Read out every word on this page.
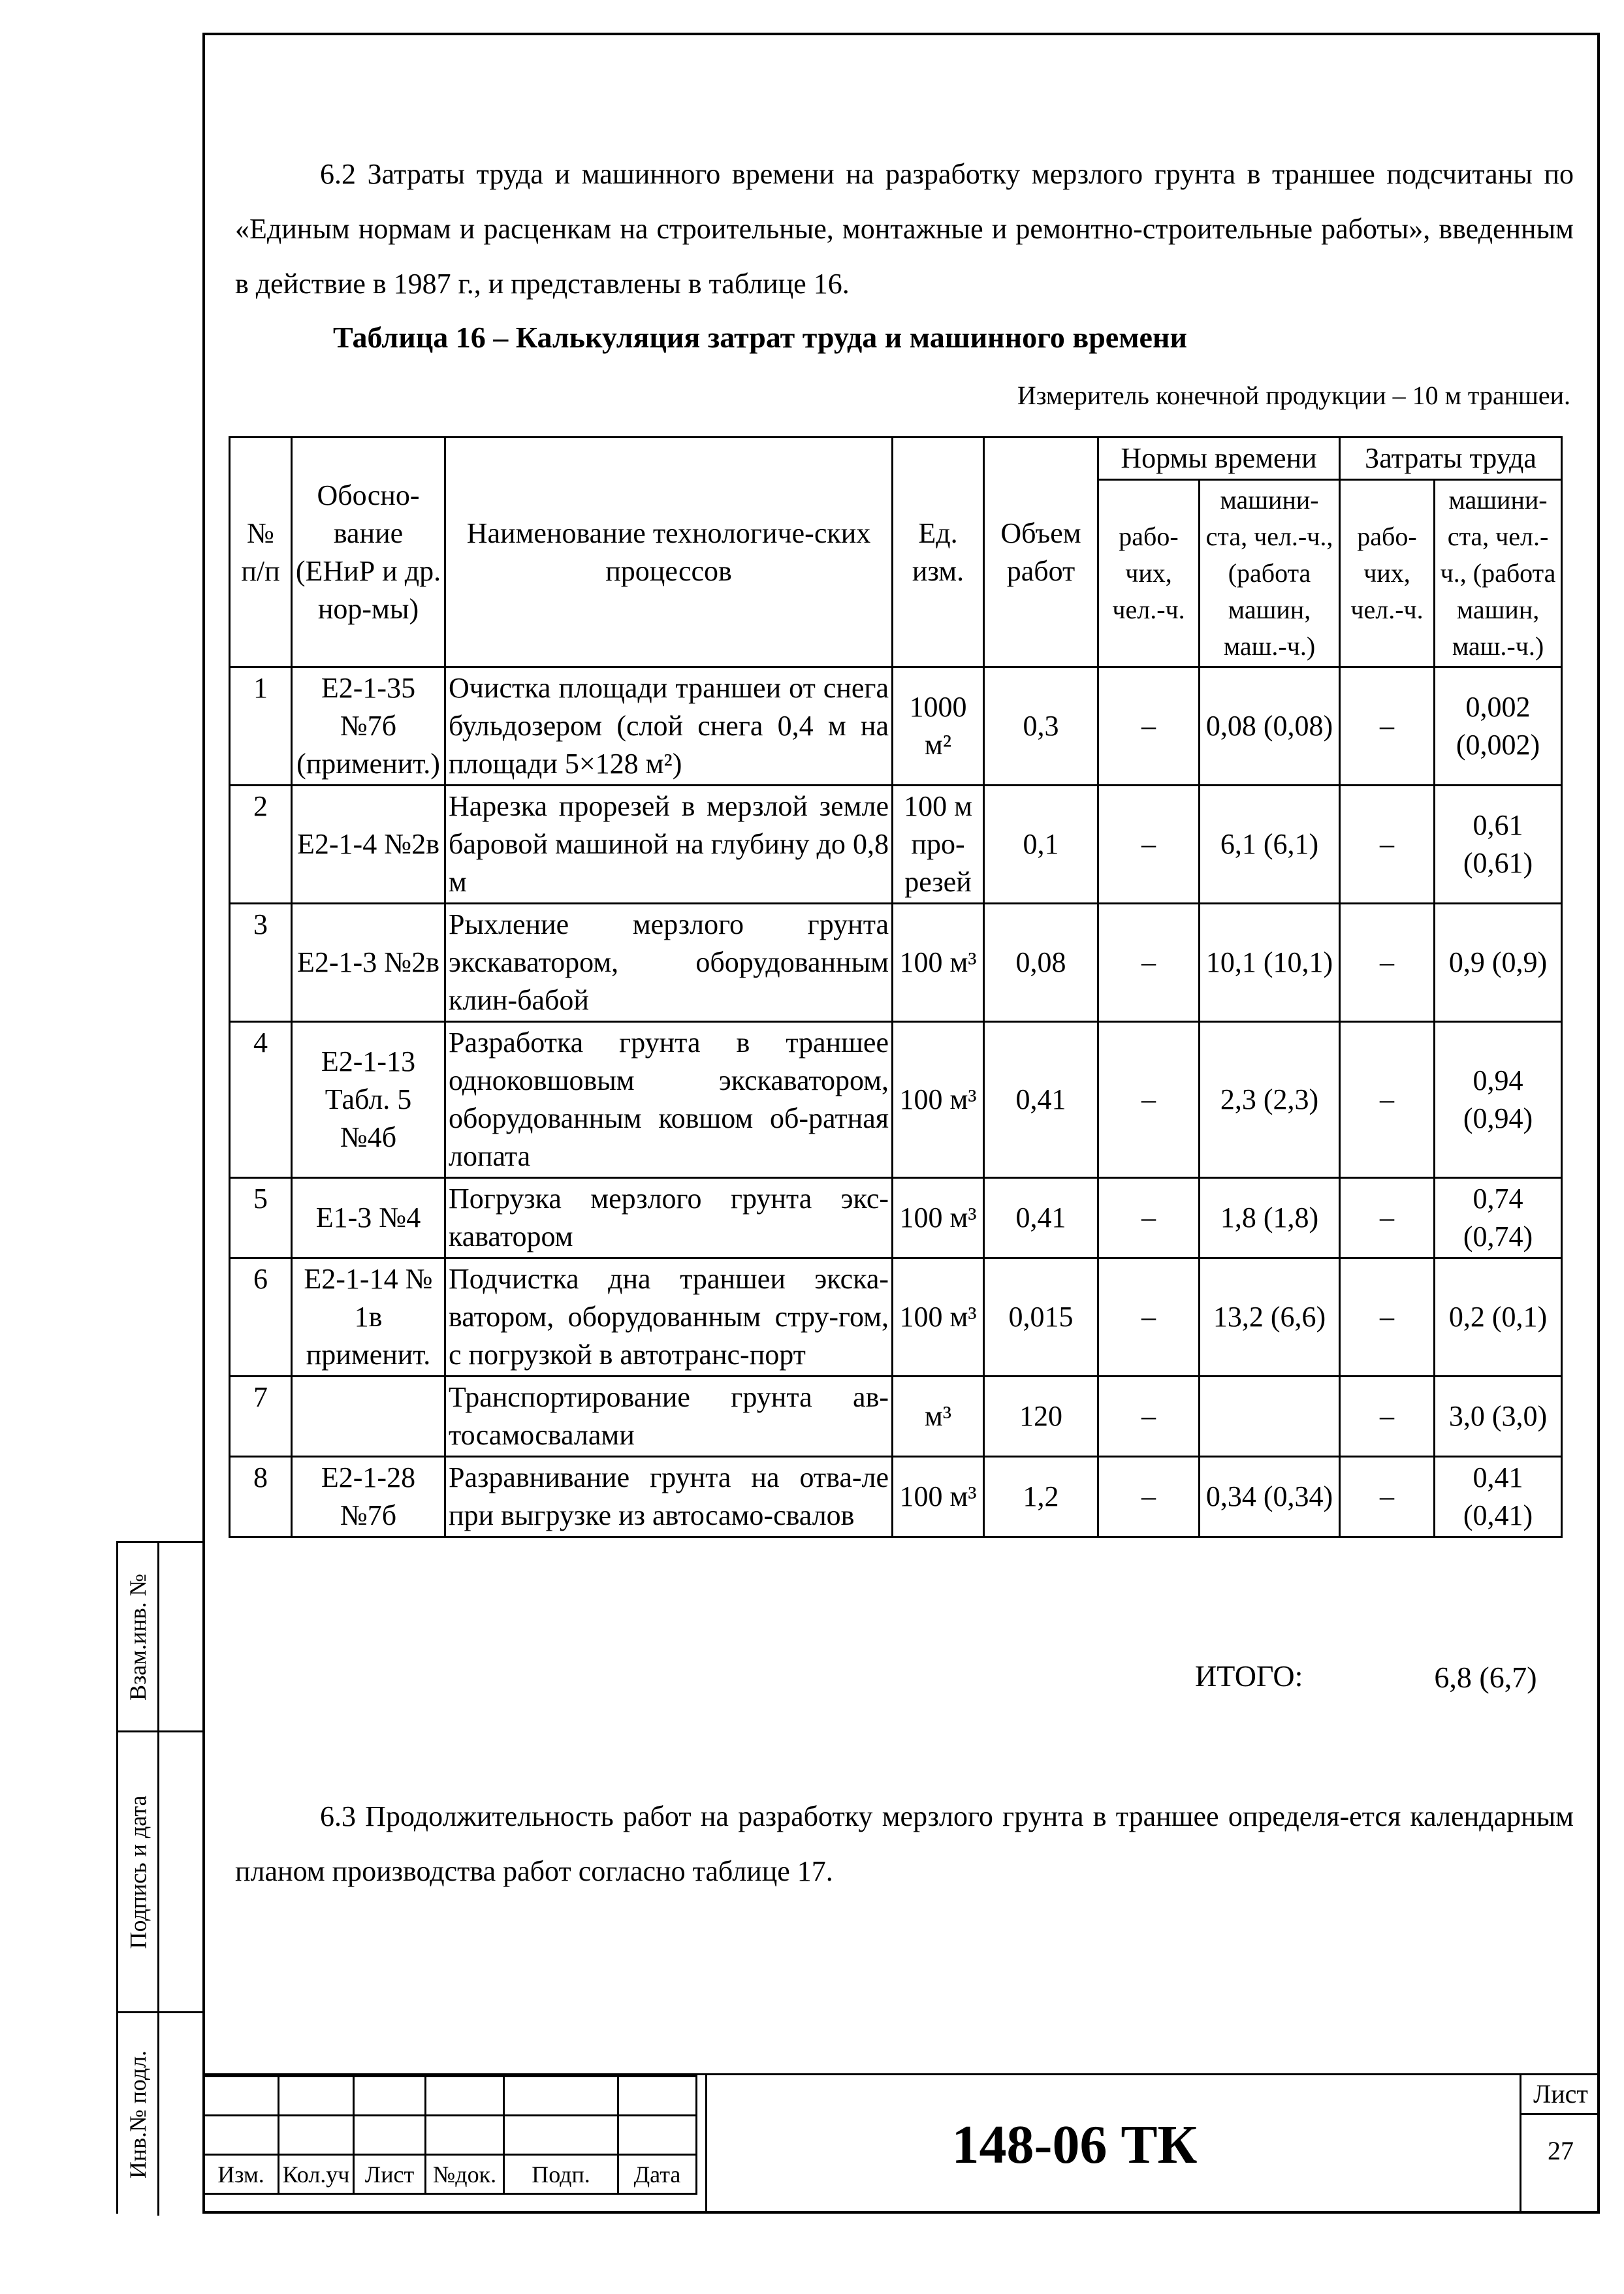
Взам.инв. №
Подпись и дата
Инв.№ подл.

6.2 Затраты труда и машинного времени на разработку мерзлого грунта в траншее подсчитаны по «Единым нормам и расценкам на строительные, монтажные и ремонтно-строительные работы», введенным в действие в 1987 г., и представлены в таблице 16.

Таблица 16 – Калькуляция затрат труда и машинного времени
Измеритель конечной продукции – 10 м траншеи.
№ п/п	Обосно-вание (ЕНиР и др. нор-мы)	Наименование технологиче-ских процессов	Ед. изм.	Объем работ	Нормы времени		Затраты труда	
					рабо-чих, чел.-ч.	машини-ста, чел.-ч., (работа машин, маш.-ч.)	рабо-чих, чел.-ч.	машини-ста, чел.-ч., (работа машин, маш.-ч.)
1	Е2-1-35 №7б (применит.)	Очистка площади траншеи от снега бульдозером (слой снега 0,4 м на площади 5×128 м²)	1000 м²	0,3	–	0,08 (0,08)	–	0,002 (0,002)
2	Е2-1-4 №2в	Нарезка прорезей в мерзлой земле баровой машиной на глубину до 0,8 м	100 м про-резей	0,1	–	6,1 (6,1)	–	0,61 (0,61)
3	Е2-1-3 №2в	Рыхление мерзлого грунта экскаватором, оборудованным клин-бабой	100 м³	0,08	–	10,1 (10,1)	–	0,9 (0,9)
4	Е2-1-13 Табл. 5 №4б	Разработка грунта в траншее одноковшовым экскаватором, оборудованным ковшом об-ратная лопата	100 м³	0,41	–	2,3 (2,3)	–	0,94 (0,94)
5	Е1-3 №4	Погрузка мерзлого грунта экс-каватором	100 м³	0,41	–	1,8 (1,8)	–	0,74 (0,74)
6	Е2-1-14 № 1в применит.	Подчистка дна траншеи экска-ватором, оборудованным стру-гом, с погрузкой в автотранс-порт	100 м³	0,015	–	13,2 (6,6)	–	0,2 (0,1)
7		Транспортирование грунта ав-тосамосвалами	м³	120	–		–	3,0 (3,0)
8	Е2-1-28 №7б	Разравнивание грунта на отва-ле при выгрузке из автосамо-свалов	100 м³	1,2	–	0,34 (0,34)	–	0,41 (0,41)
ИТОГО:	6,8 (6,7)

6.3 Продолжительность работ на разработку мерзлого грунта в траншее определя-ется календарным планом производства работ согласно таблице 17.

Изм.	Кол.уч	Лист	№док.	Подп.	Дата	148-06 ТК
Лист
27
